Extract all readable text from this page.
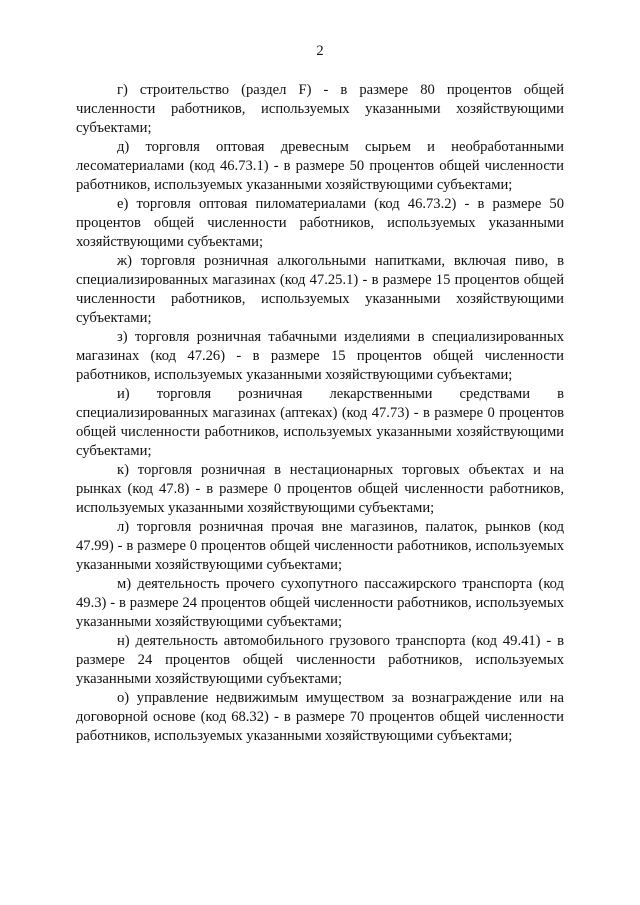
2

г) строительство (раздел F) - в размере 80 процентов общей численности работников, используемых указанными хозяйствующими субъектами;

д) торговля оптовая древесным сырьем и необработанными лесоматериалами (код 46.73.1) - в размере 50 процентов общей численности работников, используемых указанными хозяйствующими субъектами;

е) торговля оптовая пиломатериалами (код 46.73.2) - в размере 50 процентов общей численности работников, используемых указанными хозяйствующими субъектами;

ж) торговля розничная алкогольными напитками, включая пиво, в специализированных магазинах (код 47.25.1) - в размере 15 процентов общей численности работников, используемых указанными хозяйствующими субъектами;

з) торговля розничная табачными изделиями в специализированных магазинах (код 47.26) - в размере 15 процентов общей численности работников, используемых указанными хозяйствующими субъектами;

и) торговля розничная лекарственными средствами в специализированных магазинах (аптеках) (код 47.73) - в размере 0 процентов общей численности работников, используемых указанными хозяйствующими субъектами;

к) торговля розничная в нестационарных торговых объектах и на рынках (код 47.8) - в размере 0 процентов общей численности работников, используемых указанными хозяйствующими субъектами;

л) торговля розничная прочая вне магазинов, палаток, рынков (код 47.99) - в размере 0 процентов общей численности работников, используемых указанными хозяйствующими субъектами;

м) деятельность прочего сухопутного пассажирского транспорта (код 49.3) - в размере 24 процентов общей численности работников, используемых указанными хозяйствующими субъектами;

н) деятельность автомобильного грузового транспорта (код 49.41) - в размере 24 процентов общей численности работников, используемых указанными хозяйствующими субъектами;

о) управление недвижимым имуществом за вознаграждение или на договорной основе (код 68.32) - в размере 70 процентов общей численности работников, используемых указанными хозяйствующими субъектами;
